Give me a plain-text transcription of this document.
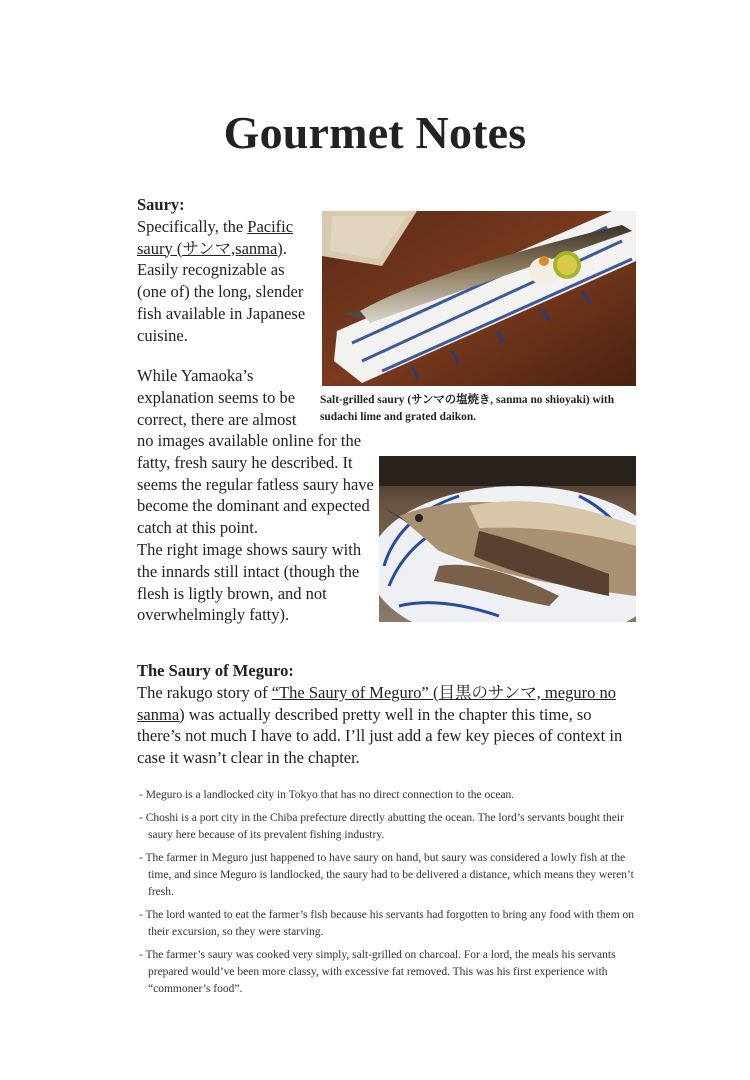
Gourmet Notes
Saury:
Specifically, the Pacific saury (サンマ,sanma). Easily recognizable as (one of) the long, slender fish available in Japanese cuisine.
While Yamaoka’s explanation seems to be correct, there are almost
no images available online for the fatty, fresh saury he described. It seems the regular fatless saury have become the dominant and expected catch at this point.
The right image shows saury with the innards still intact (though the flesh is ligtly brown, and not overwhelmingly fatty).
Salt-grilled saury (サンマの塩焼き, sanma no shioyaki) with sudachi lime and grated daikon.
The Saury of Meguro:
The rakugo story of “The Saury of Meguro” (目黒のサンマ, meguro no sanma) was actually described pretty well in the chapter this time, so there’s not much I have to add. I’ll just add a few key pieces of context in case it wasn’t clear in the chapter.
- Meguro is a landlocked city in Tokyo that has no direct connection to the ocean.
- Choshi is a port city in the Chiba prefecture directly abutting the ocean. The lord’s servants bought their saury here because of its prevalent fishing industry.
- The farmer in Meguro just happened to have saury on hand, but saury was considered a lowly fish at the time, and since Meguro is landlocked, the saury had to be delivered a distance, which means they weren’t fresh.
- The lord wanted to eat the farmer’s fish because his servants had forgotten to bring any food with them on their excursion, so they were starving.
- The farmer’s saury was cooked very simply, salt-grilled on charcoal. For a lord, the meals his servants prepared would’ve been more classy, with excessive fat removed. This was his first experience with “commoner’s food”.
